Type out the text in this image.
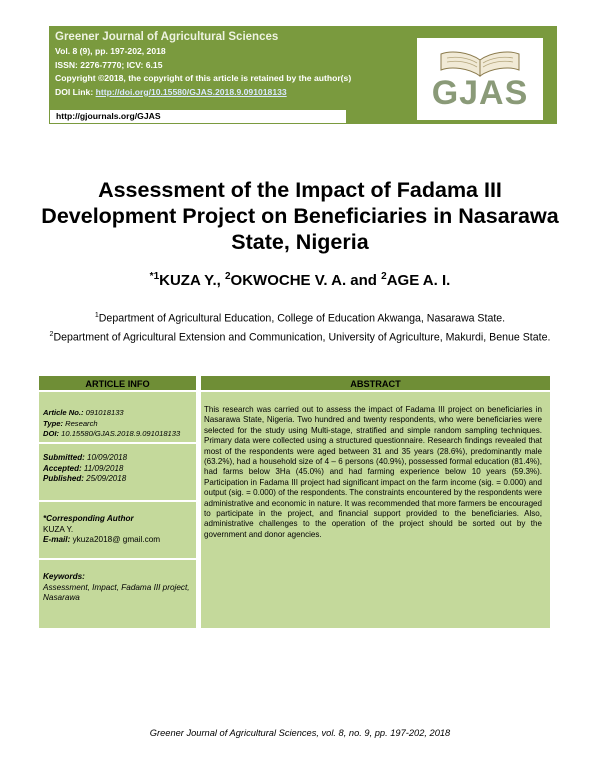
Greener Journal of Agricultural Sciences
Vol. 8 (9), pp. 197-202, 2018
ISSN: 2276-7770; ICV: 6.15
Copyright ©2018, the copyright of this article is retained by the author(s)
DOI Link: http://doi.org/10.15580/GJAS.2018.9.091018133
http://gjournals.org/GJAS
GJAS
Assessment of the Impact of Fadama III Development Project on Beneficiaries in Nasarawa State, Nigeria
$^{*1}$KUZA Y., $^2$OKWOCHE V. A. and $^2$AGE A. I.
$^1$Department of Agricultural Education, College of Education Akwanga, Nasarawa State.
$^2$Department of Agricultural Extension and Communication, University of Agriculture, Makurdi, Benue State.
ARTICLE INFO
Article No.: 091018133
Type: Research
DOI: 10.15580/GJAS.2018.9.091018133
Submitted: 10/09/2018
Accepted: 11/09/2018
Published: 25/09/2018
*Corresponding Author
KUZA Y.
E-mail: ykuza2018@ gmail.com
Keywords:
Assessment, Impact, Fadama III project, Nasarawa
ABSTRACT
This research was carried out to assess the impact of Fadama III project on beneficiaries in Nasarawa State, Nigeria. Two hundred and twenty respondents, who were beneficiaries were selected for the study using Multi-stage, stratified and simple random sampling techniques. Primary data were collected using a structured questionnaire. Research findings revealed that most of the respondents were aged between 31 and 35 years (28.6%), predominantly male (63.2%), had a household size of 4 – 6 persons (40.9%), possessed formal education (81.4%), had farms below 3Ha (45.0%) and had farming experience below 10 years (59.3%). Participation in Fadama III project had significant impact on the farm income (sig. = 0.000) and output (sig. = 0.000) of the respondents. The constraints encountered by the respondents were administrative and economic in nature. It was recommended that more farmers be encouraged to participate in the project, and financial support provided to the beneficiaries. Also, administrative challenges to the operation of the project should be sorted out by the government and donor agencies.
Greener Journal of Agricultural Sciences, vol. 8, no. 9, pp. 197-202, 2018
